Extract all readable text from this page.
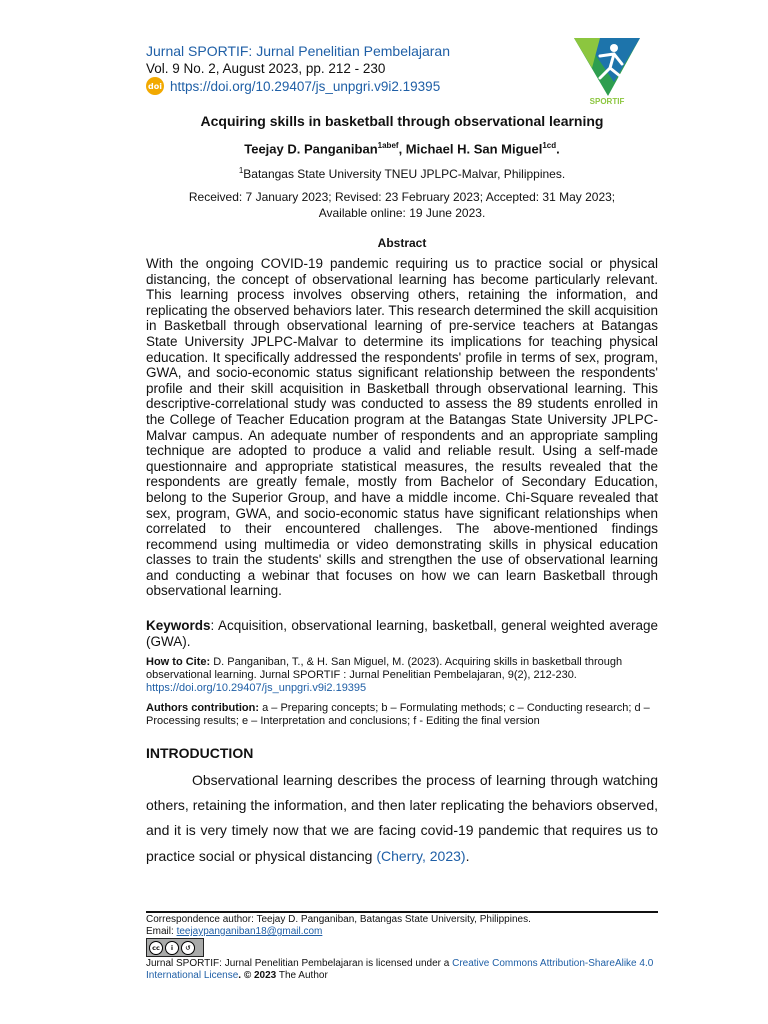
Jurnal SPORTIF: Jurnal Penelitian Pembelajaran
Vol. 9 No. 2, August 2023, pp. 212 - 230
doi https://doi.org/10.29407/js_unpgri.v9i2.19395
SPORTIF
Acquiring skills in basketball through observational learning
Teejay D. Panganiban$^{1abef}$, Michael H. San Miguel$^{1cd}$.
$^1$Batangas State University TNEU JPLPC-Malvar, Philippines.
Received: 7 January 2023; Revised: 23 February 2023; Accepted: 31 May 2023;
Available online: 19 June 2023.
Abstract

With the ongoing COVID-19 pandemic requiring us to practice social or physical distancing, the concept of observational learning has become particularly relevant. This learning process involves observing others, retaining the information, and replicating the observed behaviors later. This research determined the skill acquisition in Basketball through observational learning of pre-service teachers at Batangas State University JPLPC-Malvar to determine its implications for teaching physical education. It specifically addressed the respondents' profile in terms of sex, program, GWA, and socio-economic status significant relationship between the respondents' profile and their skill acquisition in Basketball through observational learning. This descriptive-correlational study was conducted to assess the 89 students enrolled in the College of Teacher Education program at the Batangas State University JPLPC-Malvar campus. An adequate number of respondents and an appropriate sampling technique are adopted to produce a valid and reliable result. Using a self-made questionnaire and appropriate statistical measures, the results revealed that the respondents are greatly female, mostly from Bachelor of Secondary Education, belong to the Superior Group, and have a middle income. Chi-Square revealed that sex, program, GWA, and socio-economic status have significant relationships when correlated to their encountered challenges. The above-mentioned findings recommend using multimedia or video demonstrating skills in physical education classes to train the students' skills and strengthen the use of observational learning and conducting a webinar that focuses on how we can learn Basketball through observational learning.

Keywords: Acquisition, observational learning, basketball, general weighted average (GWA).

How to Cite: D. Panganiban, T., & H. San Miguel, M. (2023). Acquiring skills in basketball through observational learning. Jurnal SPORTIF : Jurnal Penelitian Pembelajaran, 9(2), 212-230.
https://doi.org/10.29407/js_unpgri.v9i2.19395

Authors contribution: a – Preparing concepts; b – Formulating methods; c – Conducting research; d – Processing results; e – Interpretation and conclusions; f - Editing the final version

INTRODUCTION

Observational learning describes the process of learning through watching others, retaining the information, and then later replicating the behaviors observed, and it is very timely now that we are facing covid-19 pandemic that requires us to practice social or physical distancing (Cherry, 2023).

Correspondence author: Teejay D. Panganiban, Batangas State University, Philippines.
Email: teejaypanganiban18@gmail.com
cc	i	↺

Jurnal SPORTIF: Jurnal Penelitian Pembelajaran is licensed under a Creative Commons Attribution-ShareAlike 4.0 International License. © 2023 The Author
